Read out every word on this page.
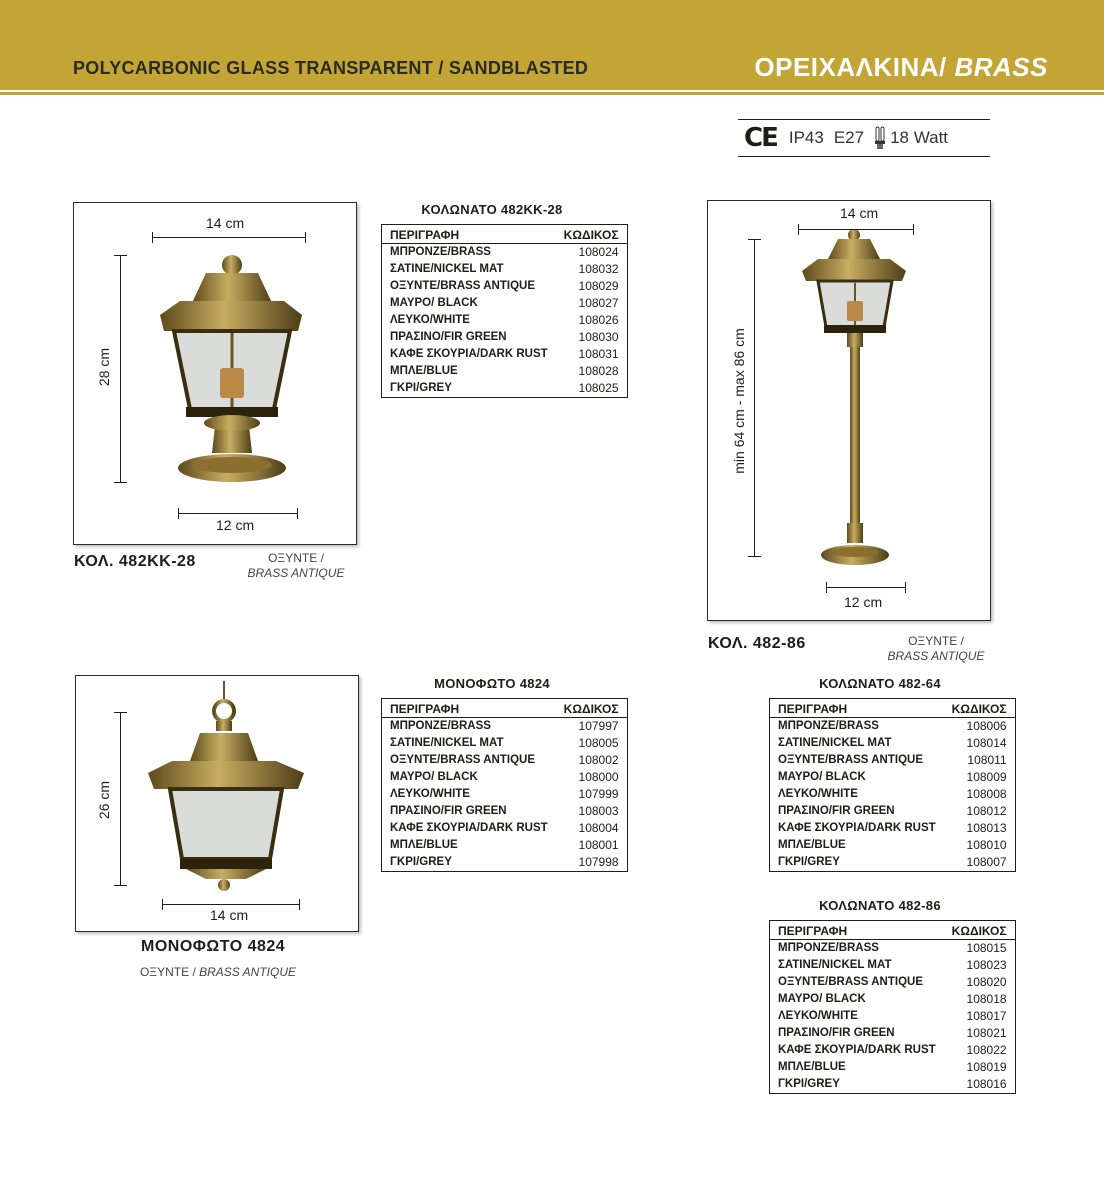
POLYCARBONIC GLASS TRANSPARENT / SANDBLASTED	ΟΡΕΙΧΑΛΚΙΝΑ/ BRASS
CE IP43 E27 18 Watt
14 cm
28 cm
12 cm
ΚΟΛ. 482ΚΚ-28	ΟΞΥΝΤΕ /
BRASS ANTIQUE
ΚΟΛΩΝΑΤΟ 482ΚΚ-28
ΠΕΡΙΓΡΑΦΗ	ΚΩΔΙΚΟΣ
ΜΠΡΟΝΖΕ/BRASS	108024
ΣΑΤΙΝΕ/NICKEL MAT	108032
ΟΞΥΝΤΕ/BRASS ANTIQUE	108029
ΜΑΥΡΟ/ BLACK	108027
ΛΕΥΚΟ/WHITE	108026
ΠΡΑΣΙΝΟ/FIR GREEN	108030
ΚΑΦΕ ΣΚΟΥΡΙΑ/DARK RUST	108031
ΜΠΛΕ/BLUE	108028
ΓΚΡΙ/GREY	108025
14 cm
min 64 cm - max 86 cm
12 cm
ΚΟΛ. 482-86	ΟΞΥΝΤΕ /
BRASS ANTIQUE
26 cm
14 cm
ΜΟΝΟΦΩΤΟ 4824
ΟΞΥΝΤΕ / BRASS ANTIQUE
ΜΟΝΟΦΩΤΟ 4824
ΠΕΡΙΓΡΑΦΗ	ΚΩΔΙΚΟΣ
ΜΠΡΟΝΖΕ/BRASS	107997
ΣΑΤΙΝΕ/NICKEL MAT	108005
ΟΞΥΝΤΕ/BRASS ANTIQUE	108002
ΜΑΥΡΟ/ BLACK	108000
ΛΕΥΚΟ/WHITE	107999
ΠΡΑΣΙΝΟ/FIR GREEN	108003
ΚΑΦΕ ΣΚΟΥΡΙΑ/DARK RUST	108004
ΜΠΛΕ/BLUE	108001
ΓΚΡΙ/GREY	107998
ΚΟΛΩΝΑΤΟ 482-64
ΠΕΡΙΓΡΑΦΗ	ΚΩΔΙΚΟΣ
ΜΠΡΟΝΖΕ/BRASS	108006
ΣΑΤΙΝΕ/NICKEL MAT	108014
ΟΞΥΝΤΕ/BRASS ANTIQUE	108011
ΜΑΥΡΟ/ BLACK	108009
ΛΕΥΚΟ/WHITE	108008
ΠΡΑΣΙΝΟ/FIR GREEN	108012
ΚΑΦΕ ΣΚΟΥΡΙΑ/DARK RUST	108013
ΜΠΛΕ/BLUE	108010
ΓΚΡΙ/GREY	108007
ΚΟΛΩΝΑΤΟ 482-86
ΠΕΡΙΓΡΑΦΗ	ΚΩΔΙΚΟΣ
ΜΠΡΟΝΖΕ/BRASS	108015
ΣΑΤΙΝΕ/NICKEL MAT	108023
ΟΞΥΝΤΕ/BRASS ANTIQUE	108020
ΜΑΥΡΟ/ BLACK	108018
ΛΕΥΚΟ/WHITE	108017
ΠΡΑΣΙΝΟ/FIR GREEN	108021
ΚΑΦΕ ΣΚΟΥΡΙΑ/DARK RUST	108022
ΜΠΛΕ/BLUE	108019
ΓΚΡΙ/GREY	108016
